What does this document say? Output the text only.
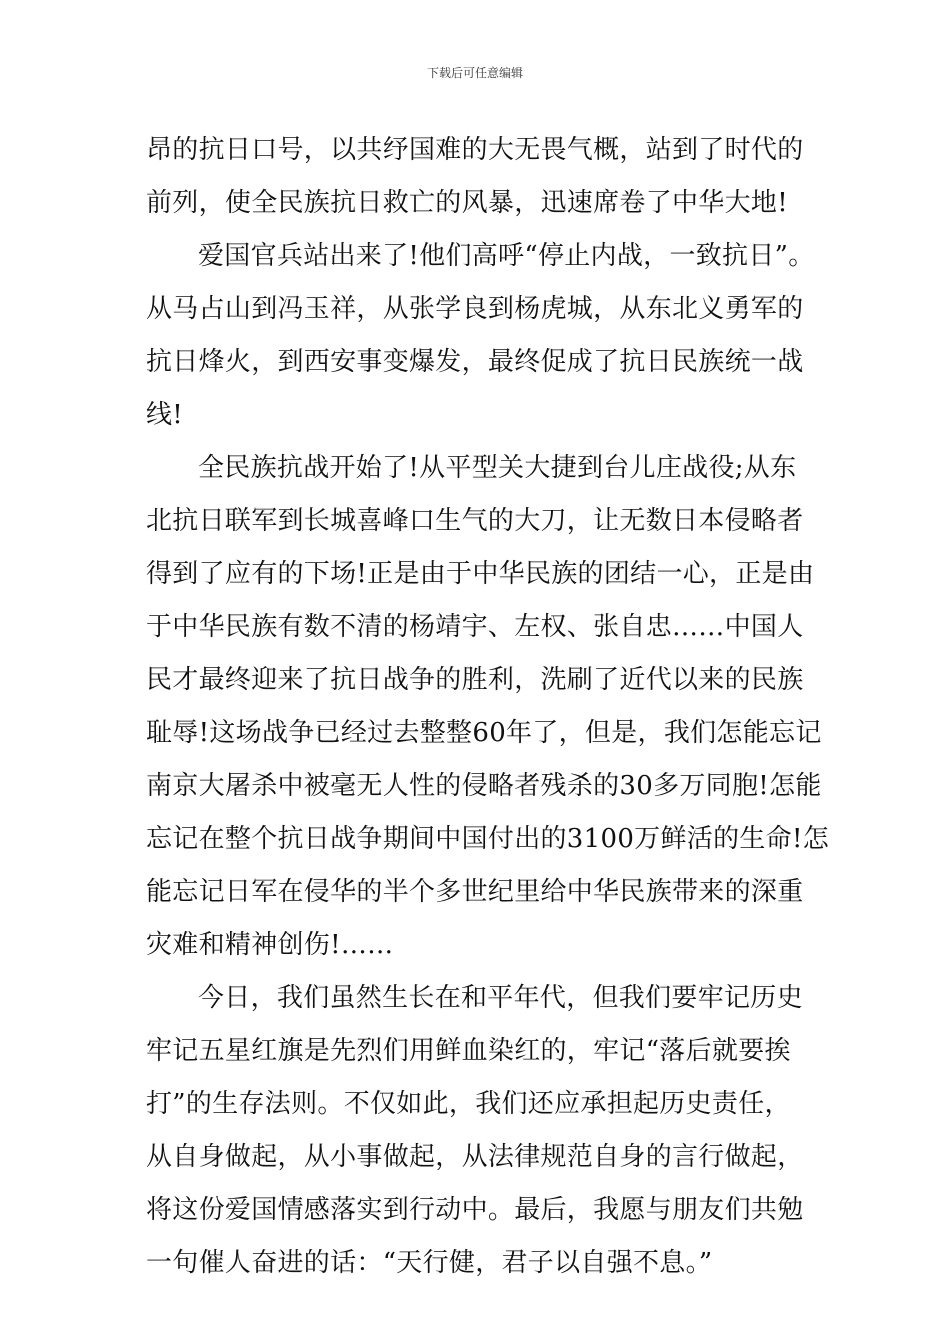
下载后可任意编辑
昂的抗日口号，以共纾国难的大无畏气概，站到了时代的
前列，使全民族抗日救亡的风暴，迅速席卷了中华大地!
爱国官兵站出来了!他们高呼“停止内战，一致抗日”。
从马占山到冯玉祥，从张学良到杨虎城，从东北义勇军的
抗日烽火，到西安事变爆发，最终促成了抗日民族统一战
线!
全民族抗战开始了!从平型关大捷到台儿庄战役;从东
北抗日联军到长城喜峰口生气的大刀，让无数日本侵略者
得到了应有的下场!正是由于中华民族的团结一心，正是由
于中华民族有数不清的杨靖宇、左权、张自忠……中国人
民才最终迎来了抗日战争的胜利，洗刷了近代以来的民族
耻辱!这场战争已经过去整整60年了，但是，我们怎能忘记
南京大屠杀中被毫无人性的侵略者残杀的30多万同胞!怎能
忘记在整个抗日战争期间中国付出的3100万鲜活的生命!怎
能忘记日军在侵华的半个多世纪里给中华民族带来的深重
灾难和精神创伤!……
今日，我们虽然生长在和平年代，但我们要牢记历史
牢记五星红旗是先烈们用鲜血染红的，牢记“落后就要挨
打”的生存法则。不仅如此，我们还应承担起历史责任，
从自身做起，从小事做起，从法律规范自身的言行做起，
将这份爱国情感落实到行动中。最后，我愿与朋友们共勉
一句催人奋进的话：“天行健，君子以自强不息。”
